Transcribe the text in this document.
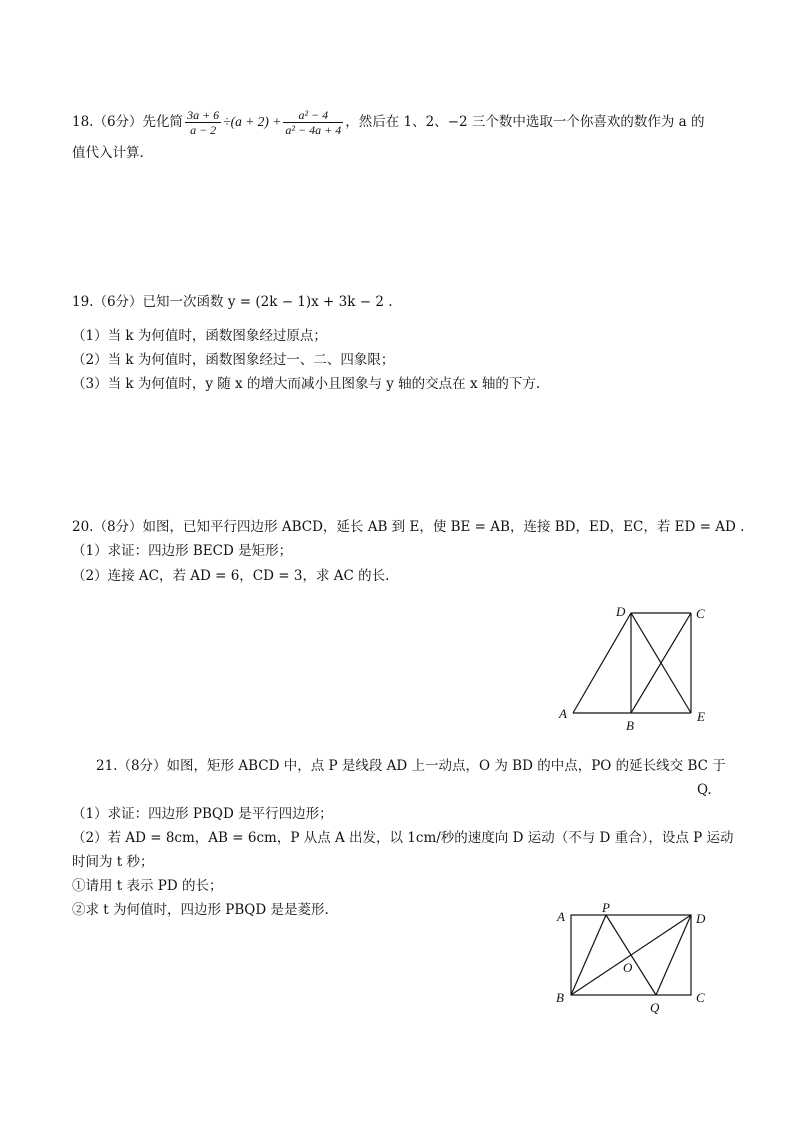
18.（6分）先化简 $\frac{3a + 6}{a - 2} \div(a + 2) + \frac{\text{a² − 4}}{\text{a² − 4a + 4}}$ ，然后在 1、2、−2 三个数中选取一个你喜欢的数作为 a 的
值代入计算.
19.（6分）已知一次函数 y = (2k − 1)x + 3k − 2 .
（1）当 k 为何值时，函数图象经过原点；
（2）当 k 为何值时，函数图象经过一、二、四象限；
（3）当 k 为何值时，y 随 x 的增大而减小且图象与 y 轴的交点在 x 轴的下方.
20.（8分）如图，已知平行四边形 ABCD，延长 AB 到 E，使 BE = AB，连接 BD，ED，EC，若 ED = AD .
（1）求证：四边形 BECD 是矩形；
（2）连接 AC，若 AD = 6，CD = 3，求 AC 的长.
D	C
A
B
E
21.（8分）如图，矩形 ABCD 中，点 P 是线段 AD 上一动点，O 为 BD 的中点，PO 的延长线交 BC 于
Q.
（1）求证：四边形 PBQD 是平行四边形；
（2）若 AD = 8cm，AB = 6cm，P 从点 A 出发，以 1cm/秒的速度向 D 运动（不与 D 重合），设点 P 运动
时间为 t 秒；
①请用 t 表示 PD 的长；
②求 t 为何值时，四边形 PBQD 是是菱形.	A
P
D
O
B
Q
C
